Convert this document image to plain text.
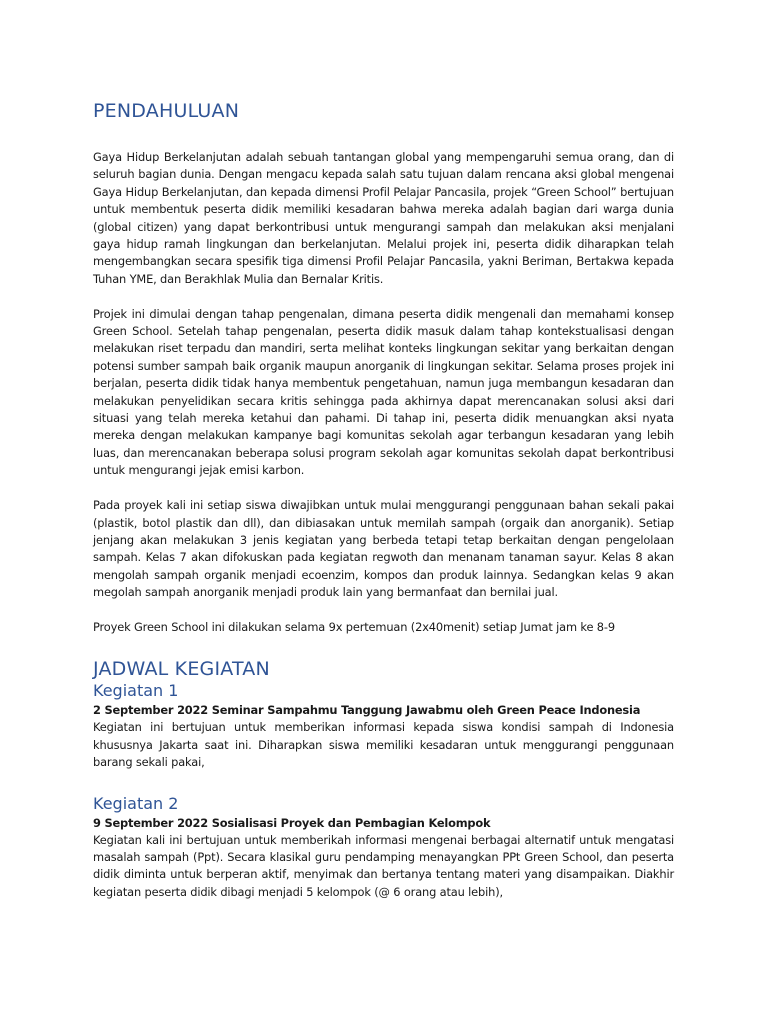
PENDAHULUAN

Gaya Hidup Berkelanjutan adalah sebuah tantangan global yang mempengaruhi semua orang, dan di seluruh bagian dunia. Dengan mengacu kepada salah satu tujuan dalam rencana aksi global mengenai Gaya Hidup Berkelanjutan, dan kepada dimensi Profil Pelajar Pancasila, projek “Green School” bertujuan untuk membentuk peserta didik memiliki kesadaran bahwa mereka adalah bagian dari warga dunia (global citizen) yang dapat berkontribusi untuk mengurangi sampah dan melakukan aksi menjalani gaya hidup ramah lingkungan dan berkelanjutan. Melalui projek ini, peserta didik diharapkan telah mengembangkan secara spesifik tiga dimensi Profil Pelajar Pancasila, yakni Beriman, Bertakwa kepada Tuhan YME, dan Berakhlak Mulia dan Bernalar Kritis.

Projek ini dimulai dengan tahap pengenalan, dimana peserta didik mengenali dan memahami konsep Green School. Setelah tahap pengenalan, peserta didik masuk dalam tahap kontekstualisasi dengan melakukan riset terpadu dan mandiri, serta melihat konteks lingkungan sekitar yang berkaitan dengan potensi sumber sampah baik organik maupun anorganik di lingkungan sekitar. Selama proses projek ini berjalan, peserta didik tidak hanya membentuk pengetahuan, namun juga membangun kesadaran dan melakukan penyelidikan secara kritis sehingga pada akhirnya dapat merencanakan solusi aksi dari situasi yang telah mereka ketahui dan pahami. Di tahap ini, peserta didik menuangkan aksi nyata mereka dengan melakukan kampanye bagi komunitas sekolah agar terbangun kesadaran yang lebih luas, dan merencanakan beberapa solusi program sekolah agar komunitas sekolah dapat berkontribusi untuk mengurangi jejak emisi karbon.

Pada proyek kali ini setiap siswa diwajibkan untuk mulai menggurangi penggunaan bahan sekali pakai (plastik, botol plastik dan dll), dan dibiasakan untuk memilah sampah (orgaik dan anorganik). Setiap jenjang akan melakukan 3 jenis kegiatan yang berbeda tetapi tetap berkaitan dengan pengelolaan sampah. Kelas 7 akan difokuskan pada kegiatan regwoth dan menanam tanaman sayur. Kelas 8 akan mengolah sampah organik menjadi ecoenzim, kompos dan produk lainnya. Sedangkan kelas 9 akan megolah sampah anorganik menjadi produk lain yang bermanfaat dan bernilai jual.

Proyek Green School ini dilakukan selama 9x pertemuan (2x40menit) setiap Jumat jam ke 8-9

JADWAL KEGIATAN
Kegiatan 1
2 September 2022 Seminar Sampahmu Tanggung Jawabmu oleh Green Peace Indonesia

Kegiatan ini bertujuan untuk memberikan informasi kepada siswa kondisi sampah di Indonesia khususnya Jakarta saat ini. Diharapkan siswa memiliki kesadaran untuk menggurangi penggunaan barang sekali pakai,

Kegiatan 2
9 September 2022 Sosialisasi Proyek dan Pembagian Kelompok

Kegiatan kali ini bertujuan untuk memberikah informasi mengenai berbagai alternatif untuk mengatasi masalah sampah (Ppt). Secara klasikal guru pendamping menayangkan PPt Green School, dan peserta didik diminta untuk berperan aktif, menyimak dan bertanya tentang materi yang disampaikan. Diakhir kegiatan peserta didik dibagi menjadi 5 kelompok (@ 6 orang atau lebih),
